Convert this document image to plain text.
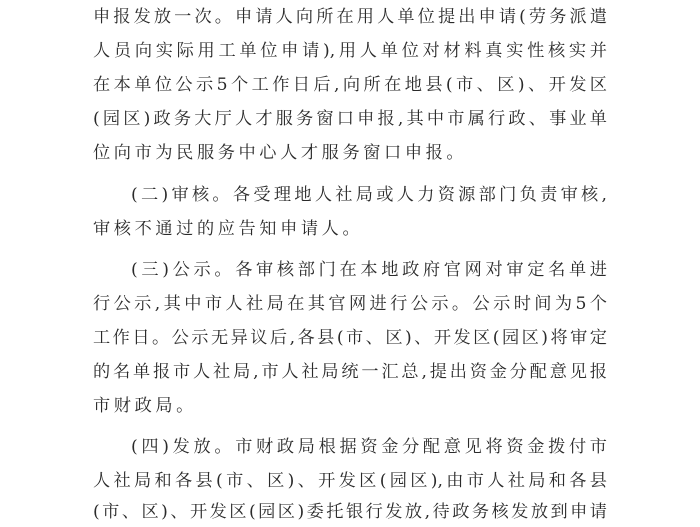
申报发放一次。申请人向所在用人单位提出申请(劳务派遣
人员向实际用工单位申请),用人单位对材料真实性核实并
在本单位公示5个工作日后,向所在地县(市、区)、开发区
(园区)政务大厅人才服务窗口申报,其中市属行政、事业单
位向市为民服务中心人才服务窗口申报。
(二)审核。各受理地人社局或人力资源部门负责审核,
审核不通过的应告知申请人。
(三)公示。各审核部门在本地政府官网对审定名单进
行公示,其中市人社局在其官网进行公示。公示时间为5个
工作日。公示无异议后,各县(市、区)、开发区(园区)将审定
的名单报市人社局,市人社局统一汇总,提出资金分配意见报
市财政局。
(四)发放。市财政局根据资金分配意见将资金拨付市
人社局和各县(市、区)、开发区(园区),由市人社局和各县
(市、区)、开发区(园区)委托银行发放,待政务核发放到申请
